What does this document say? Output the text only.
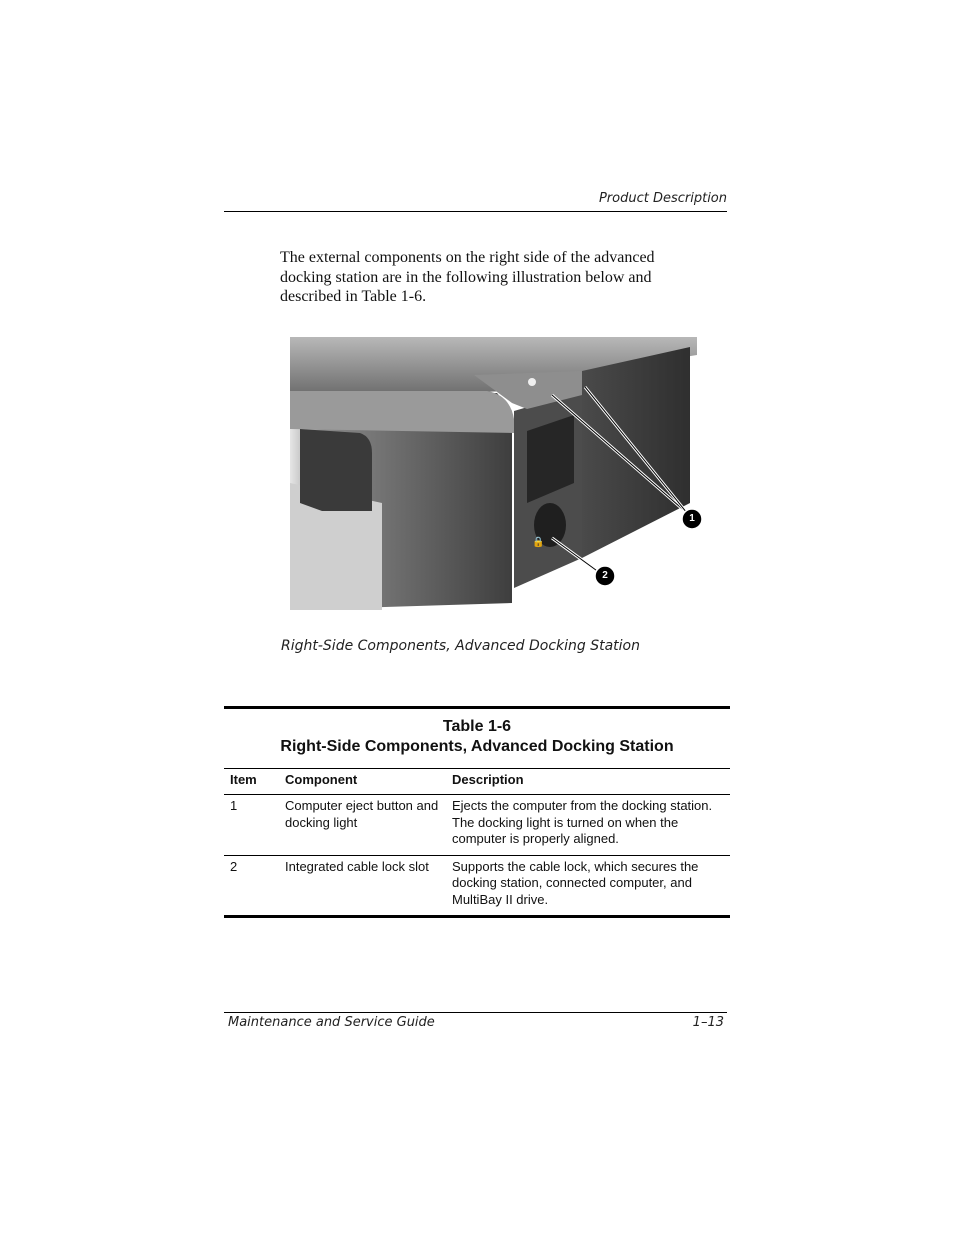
Product Description

The external components on the right side of the advanced docking station are in the following illustration below and described in Table 1-6.

🔒
1
2
Right-Side Components, Advanced Docking Station
Table 1-6
Right-Side Components, Advanced Docking Station
Item	Component	Description
1	Computer eject button and docking light	Ejects the computer from the docking station. The docking light is turned on when the computer is properly aligned.
2	Integrated cable lock slot	Supports the cable lock, which secures the docking station, connected computer, and MultiBay II drive.
Maintenance and Service Guide	1–13
